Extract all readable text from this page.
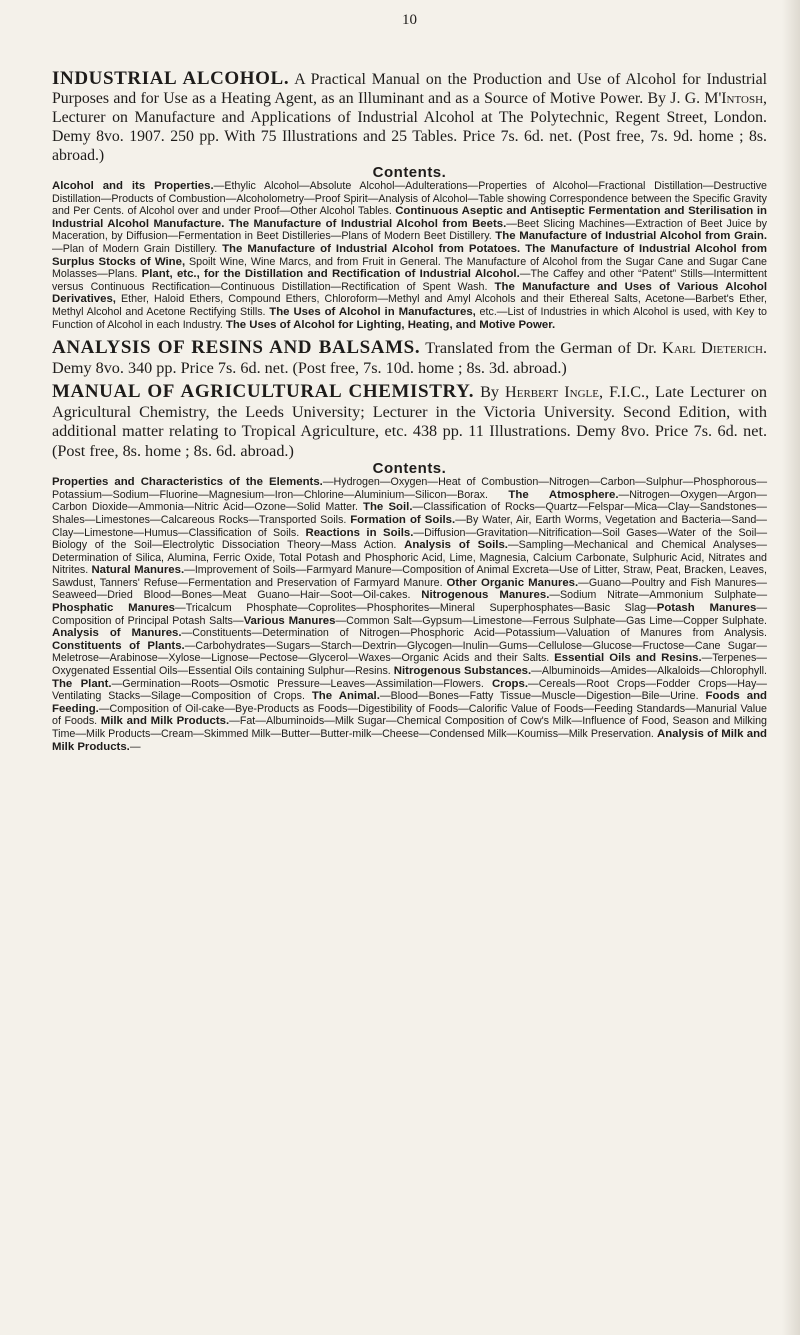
10

INDUSTRIAL ALCOHOL. A Practical Manual on the Production and Use of Alcohol for Industrial Purposes and for Use as a Heating Agent, as an Illuminant and as a Source of Motive Power. By J. G. M'Intosh, Lecturer on Manufacture and Applications of Industrial Alcohol at The Polytechnic, Regent Street, London. Demy 8vo. 1907. 250 pp. With 75 Illustrations and 25 Tables. Price 7s. 6d. net. (Post free, 7s. 9d. home ; 8s. abroad.)

Contents.

Alcohol and its Properties.—Ethylic Alcohol—Absolute Alcohol—Adulterations—Properties of Alcohol—Fractional Distillation—Destructive Distillation—Products of Combustion—Alcoholometry—Proof Spirit—Analysis of Alcohol—Table showing Correspondence between the Specific Gravity and Per Cents. of Alcohol over and under Proof—Other Alcohol Tables. Continuous Aseptic and Antiseptic Fermentation and Sterilisation in Industrial Alcohol Manufacture. The Manufacture of Industrial Alcohol from Beets.—Beet Slicing Machines—Extraction of Beet Juice by Maceration, by Diffusion—Fermentation in Beet Distilleries—Plans of Modern Beet Distillery. The Manufacture of Industrial Alcohol from Grain.—Plan of Modern Grain Distillery. The Manufacture of Industrial Alcohol from Potatoes. The Manufacture of Industrial Alcohol from Surplus Stocks of Wine, Spoilt Wine, Wine Marcs, and from Fruit in General. The Manufacture of Alcohol from the Sugar Cane and Sugar Cane Molasses—Plans. Plant, etc., for the Distillation and Rectification of Industrial Alcohol.—The Caffey and other “Patent” Stills—Intermittent versus Continuous Rectification—Continuous Distillation—Rectification of Spent Wash. The Manufacture and Uses of Various Alcohol Derivatives, Ether, Haloid Ethers, Compound Ethers, Chloroform—Methyl and Amyl Alcohols and their Ethereal Salts, Acetone—Barbet's Ether, Methyl Alcohol and Acetone Rectifying Stills. The Uses of Alcohol in Manufactures, etc.—List of Industries in which Alcohol is used, with Key to Function of Alcohol in each Industry. The Uses of Alcohol for Lighting, Heating, and Motive Power.

ANALYSIS OF RESINS AND BALSAMS. Translated from the German of Dr. Karl Dieterich. Demy 8vo. 340 pp. Price 7s. 6d. net. (Post free, 7s. 10d. home ; 8s. 3d. abroad.)

MANUAL OF AGRICULTURAL CHEMISTRY. By Herbert Ingle, F.I.C., Late Lecturer on Agricultural Chemistry, the Leeds University; Lecturer in the Victoria University. Second Edition, with additional matter relating to Tropical Agriculture, etc. 438 pp. 11 Illustrations. Demy 8vo. Price 7s. 6d. net. (Post free, 8s. home ; 8s. 6d. abroad.)

Contents.

Properties and Characteristics of the Elements.—Hydrogen—Oxygen—Heat of Combustion—Nitrogen—Carbon—Sulphur—Phosphorous—Potassium—Sodium—Fluorine—Magnesium—Iron—Chlorine—Aluminium—Silicon—Borax. The Atmosphere.—Nitrogen—Oxygen—Argon—Carbon Dioxide—Ammonia—Nitric Acid—Ozone—Solid Matter. The Soil.—Classification of Rocks—Quartz—Felspar—Mica—Clay—Sandstones—Shales—Limestones—Calcareous Rocks—Transported Soils. Formation of Soils.—By Water, Air, Earth Worms, Vegetation and Bacteria—Sand—Clay—Limestone—Humus—Classification of Soils. Reactions in Soils.—Diffusion—Gravitation—Nitrification—Soil Gases—Water of the Soil—Biology of the Soil—Electrolytic Dissociation Theory—Mass Action. Analysis of Soils.—Sampling—Mechanical and Chemical Analyses—Determination of Silica, Alumina, Ferric Oxide, Total Potash and Phosphoric Acid, Lime, Magnesia, Calcium Carbonate, Sulphuric Acid, Nitrates and Nitrites. Natural Manures.—Improvement of Soils—Farmyard Manure—Composition of Animal Excreta—Use of Litter, Straw, Peat, Bracken, Leaves, Sawdust, Tanners' Refuse—Fermentation and Preservation of Farmyard Manure. Other Organic Manures.—Guano—Poultry and Fish Manures—Seaweed—Dried Blood—Bones—Meat Guano—Hair—Soot—Oil-cakes. Nitrogenous Manures.—Sodium Nitrate—Ammonium Sulphate—Phosphatic Manures—Tricalcum Phosphate—Coprolites—Phosphorites—Mineral Superphosphates—Basic Slag—Potash Manures—Composition of Principal Potash Salts—Various Manures—Common Salt—Gypsum—Limestone—Ferrous Sulphate—Gas Lime—Copper Sulphate. Analysis of Manures.—Constituents—Determination of Nitrogen—Phosphoric Acid—Potassium—Valuation of Manures from Analysis. Constituents of Plants.—Carbohydrates—Sugars—Starch—Dextrin—Glycogen—Inulin—Gums—Cellulose—Glucose—Fructose—Cane Sugar—Meletrose—Arabinose—Xylose—Lignose—Pectose—Glycerol—Waxes—Organic Acids and their Salts. Essential Oils and Resins.—Terpenes—Oxygenated Essential Oils—Essential Oils containing Sulphur—Resins. Nitrogenous Substances.—Albuminoids—Amides—Alkaloids—Chlorophyll. The Plant.—Germination—Roots—Osmotic Pressure—Leaves—Assimilation—Flowers. Crops.—Cereals—Root Crops—Fodder Crops—Hay—Ventilating Stacks—Silage—Composition of Crops. The Animal.—Blood—Bones—Fatty Tissue—Muscle—Digestion—Bile—Urine. Foods and Feeding.—Composition of Oil-cake—Bye-Products as Foods—Digestibility of Foods—Calorific Value of Foods—Feeding Standards—Manurial Value of Foods. Milk and Milk Products.—Fat—Albuminoids—Milk Sugar—Chemical Composition of Cow's Milk—Influence of Food, Season and Milking Time—Milk Products—Cream—Skimmed Milk—Butter—Butter-milk—Cheese—Condensed Milk—Koumiss—Milk Preservation. Analysis of Milk and Milk Products.—
